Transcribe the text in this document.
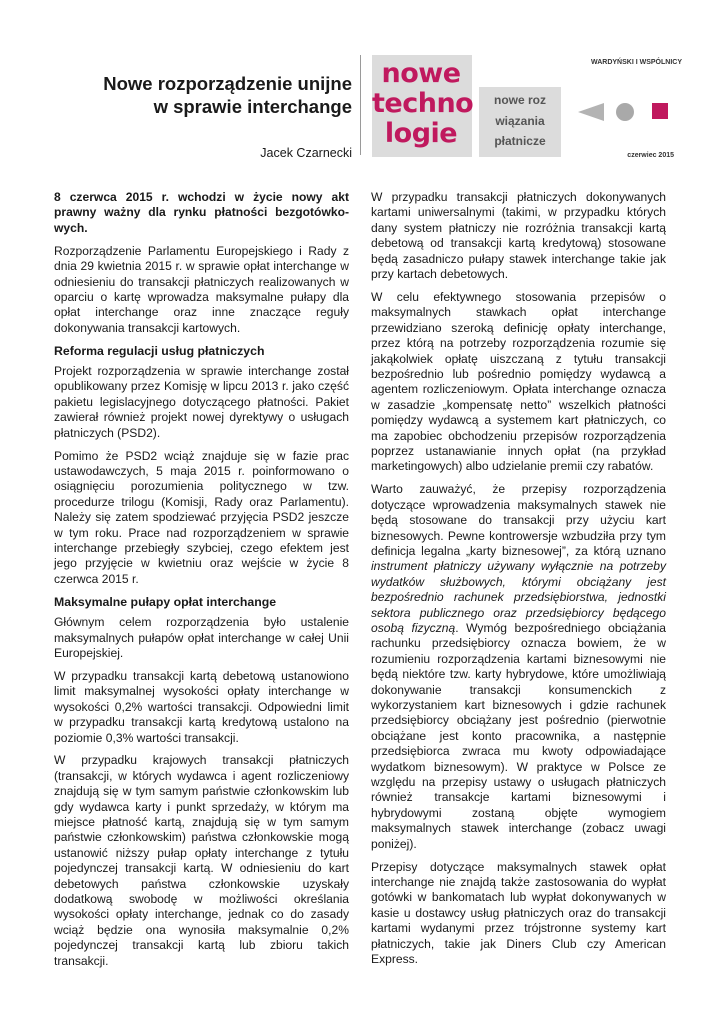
Nowe rozporządzenie unijne
w sprawie interchange

Jacek Czarnecki

nowe
techno
logie
nowe roz
wiązania
płatnicze
WARDYŃSKI I WSPÓLNICY
czerwiec 2015

8 czerwca 2015 r. wchodzi w życie nowy akt prawny ważny dla rynku płatności bezgotówkowych.

Rozporządzenie Parlamentu Europejskiego i Rady z dnia 29 kwietnia 2015 r. w sprawie opłat interchange w odniesieniu do transakcji płatniczych realizowanych w oparciu o kartę wprowadza maksymalne pułapy dla opłat interchange oraz inne znaczące reguły dokonywania transakcji kartowych.

Reforma regulacji usług płatniczych

Projekt rozporządzenia w sprawie interchange został opublikowany przez Komisję w lipcu 2013 r. jako część pakietu legislacyjnego dotyczącego płatności. Pakiet zawierał również projekt nowej dyrektywy o usługach płatniczych (PSD2).

Pomimo że PSD2 wciąż znajduje się w fazie prac ustawodawczych, 5 maja 2015 r. poinformowano o osiągnięciu porozumienia politycznego w tzw. procedurze trilogu (Komisji, Rady oraz Parlamentu). Należy się zatem spodziewać przyjęcia PSD2 jeszcze w tym roku. Prace nad rozporządzeniem w sprawie interchange przebiegły szybciej, czego efektem jest jego przyjęcie w kwietniu oraz wejście w życie 8 czerwca 2015 r.

Maksymalne pułapy opłat interchange

Głównym celem rozporządzenia było ustalenie maksymalnych pułapów opłat interchange w całej Unii Europejskiej.

W przypadku transakcji kartą debetową ustanowiono limit maksymalnej wysokości opłaty interchange w wysokości 0,2% wartości transakcji. Odpowiedni limit w przypadku transakcji kartą kredytową ustalono na poziomie 0,3% wartości transakcji.

W przypadku krajowych transakcji płatniczych (transakcji, w których wydawca i agent rozliczeniowy znajdują się w tym samym państwie członkowskim lub gdy wydawca karty i punkt sprzedaży, w którym ma miejsce płatność kartą, znajdują się w tym samym państwie członkowskim) państwa członkowskie mogą ustanowić niższy pułap opłaty interchange z tytułu pojedynczej transakcji kartą. W odniesieniu do kart debetowych państwa członkowskie uzyskały dodatkową swobodę w możliwości określania wysokości opłaty interchange, jednak co do zasady wciąż będzie ona wynosiła maksymalnie 0,2% pojedynczej transakcji kartą lub zbioru takich transakcji.

W przypadku transakcji płatniczych dokonywanych kartami uniwersalnymi (takimi, w przypadku których dany system płatniczy nie rozróżnia transakcji kartą debetową od transakcji kartą kredytową) stosowane będą zasadniczo pułapy stawek interchange takie jak przy kartach debetowych.

W celu efektywnego stosowania przepisów o maksymalnych stawkach opłat interchange przewidziano szeroką definicję opłaty interchange, przez którą na potrzeby rozporządzenia rozumie się jakąkolwiek opłatę uiszczaną z tytułu transakcji bezpośrednio lub pośrednio pomiędzy wydawcą a agentem rozliczeniowym. Opłata interchange oznacza w zasadzie „kompensatę netto” wszelkich płatności pomiędzy wydawcą a systemem kart płatniczych, co ma zapobiec obchodzeniu przepisów rozporządzenia poprzez ustanawianie innych opłat (na przykład marketingowych) albo udzielanie premii czy rabatów.

Warto zauważyć, że przepisy rozporządzenia dotyczące wprowadzenia maksymalnych stawek nie będą stosowane do transakcji przy użyciu kart biznesowych. Pewne kontrowersje wzbudziła przy tym definicja legalna „karty biznesowej”, za którą uznano instrument płatniczy używany wyłącznie na potrzeby wydatków służbowych, którymi obciążany jest bezpośrednio rachunek przedsiębiorstwa, jednostki sektora publicznego oraz przedsiębiorcy będącego osobą fizyczną. Wymóg bezpośredniego obciążania rachunku przedsiębiorcy oznacza bowiem, że w rozumieniu rozporządzenia kartami biznesowymi nie będą niektóre tzw. karty hybrydowe, które umożliwiają dokonywanie transakcji konsumenckich z wykorzystaniem kart biznesowych i gdzie rachunek przedsiębiorcy obciążany jest pośrednio (pierwotnie obciążane jest konto pracownika, a następnie przedsiębiorca zwraca mu kwoty odpowiadające wydatkom biznesowym). W praktyce w Polsce ze względu na przepisy ustawy o usługach płatniczych również transakcje kartami biznesowymi i hybrydowymi zostaną objęte wymogiem maksymalnych stawek interchange (zobacz uwagi poniżej).

Przepisy dotyczące maksymalnych stawek opłat interchange nie znajdą także zastosowania do wypłat gotówki w bankomatach lub wypłat dokonywanych w kasie u dostawcy usług płatniczych oraz do transakcji kartami wydanymi przez trójstronne systemy kart płatniczych, takie jak Diners Club czy American Express.
